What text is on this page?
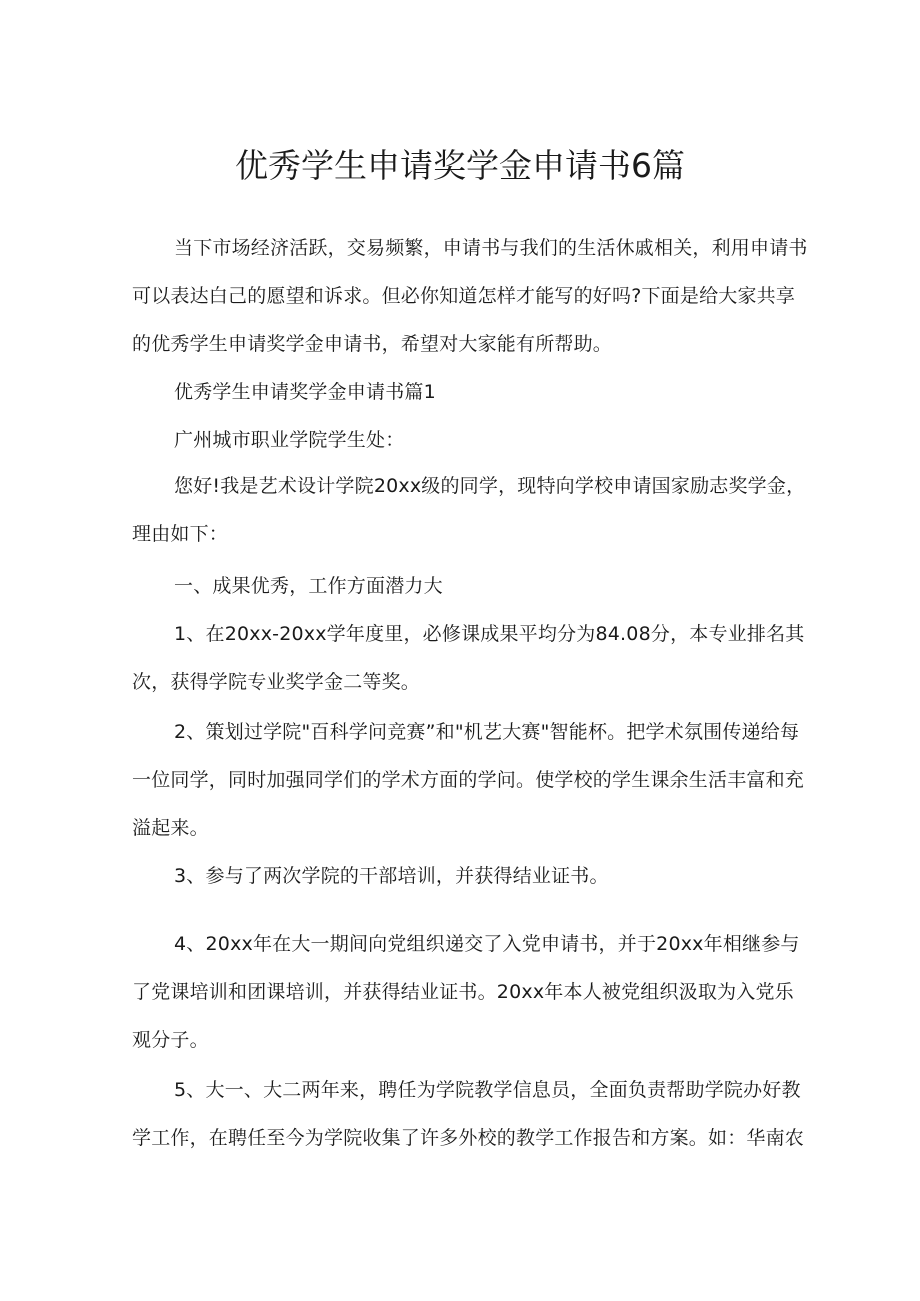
优秀学生申请奖学金申请书6篇

当下市场经济活跃，交易频繁，申请书与我们的生活休戚相关，利用申请书可以表达白己的愿望和诉求。但必你知道怎样才能写的好吗?下面是给大家共享的优秀学生申请奖学金申请书，希望对大家能有所帮助。

优秀学生申请奖学金申请书篇1

广州城市职业学院学生处：

您好!我是艺术设计学院20xx级的同学，现特向学校申请国家励志奖学金，理由如下：

一、成果优秀，工作方面潜力大

1、在20xx-20xx学年度里，必修课成果平均分为84.08分，本专业排名其次，获得学院专业奖学金二等奖。

2、策划过学院"百科学问竞赛”和"机艺大赛"智能杯。把学术氛围传递给每一位同学，同时加强同学们的学术方面的学问。使学校的学生课余生活丰富和充溢起来。

3、参与了两次学院的干部培训，并获得结业证书。

4、20xx年在大一期间向党组织递交了入党申请书，并于20xx年相继参与了党课培训和团课培训，并获得结业证书。20xx年本人被党组织汲取为入党乐观分子。

5、大一、大二两年来，聘任为学院教学信息员，全面负责帮助学院办好教学工作，在聘任至今为学院收集了许多外校的教学工作报告和方案。如：华南农
